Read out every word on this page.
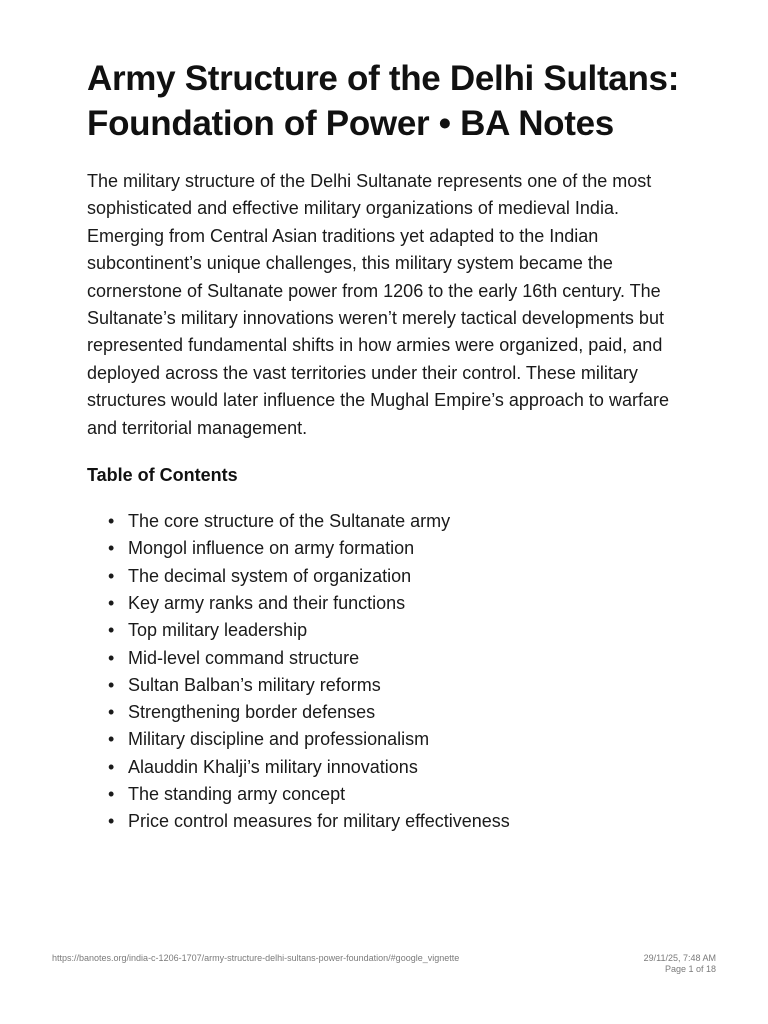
Army Structure of the Delhi Sultans: Foundation of Power • BA Notes

The military structure of the Delhi Sultanate represents one of the most sophisticated and effective military organizations of medieval India. Emerging from Central Asian traditions yet adapted to the Indian subcontinent’s unique challenges, this military system became the cornerstone of Sultanate power from 1206 to the early 16th century. The Sultanate’s military innovations weren’t merely tactical developments but represented fundamental shifts in how armies were organized, paid, and deployed across the vast territories under their control. These military structures would later influence the Mughal Empire’s approach to warfare and territorial management.

Table of Contents
• The core structure of the Sultanate army
• Mongol influence on army formation
• The decimal system of organization
• Key army ranks and their functions
• Top military leadership
• Mid-level command structure
• Sultan Balban’s military reforms
• Strengthening border defenses
• Military discipline and professionalism
• Alauddin Khalji’s military innovations
• The standing army concept
• Price control measures for military effectiveness
https://banotes.org/india-c-1206-1707/army-structure-delhi-sultans-power-foundation/#google_vignette	29/11/25, 7:48 AM
Page 1 of 18
